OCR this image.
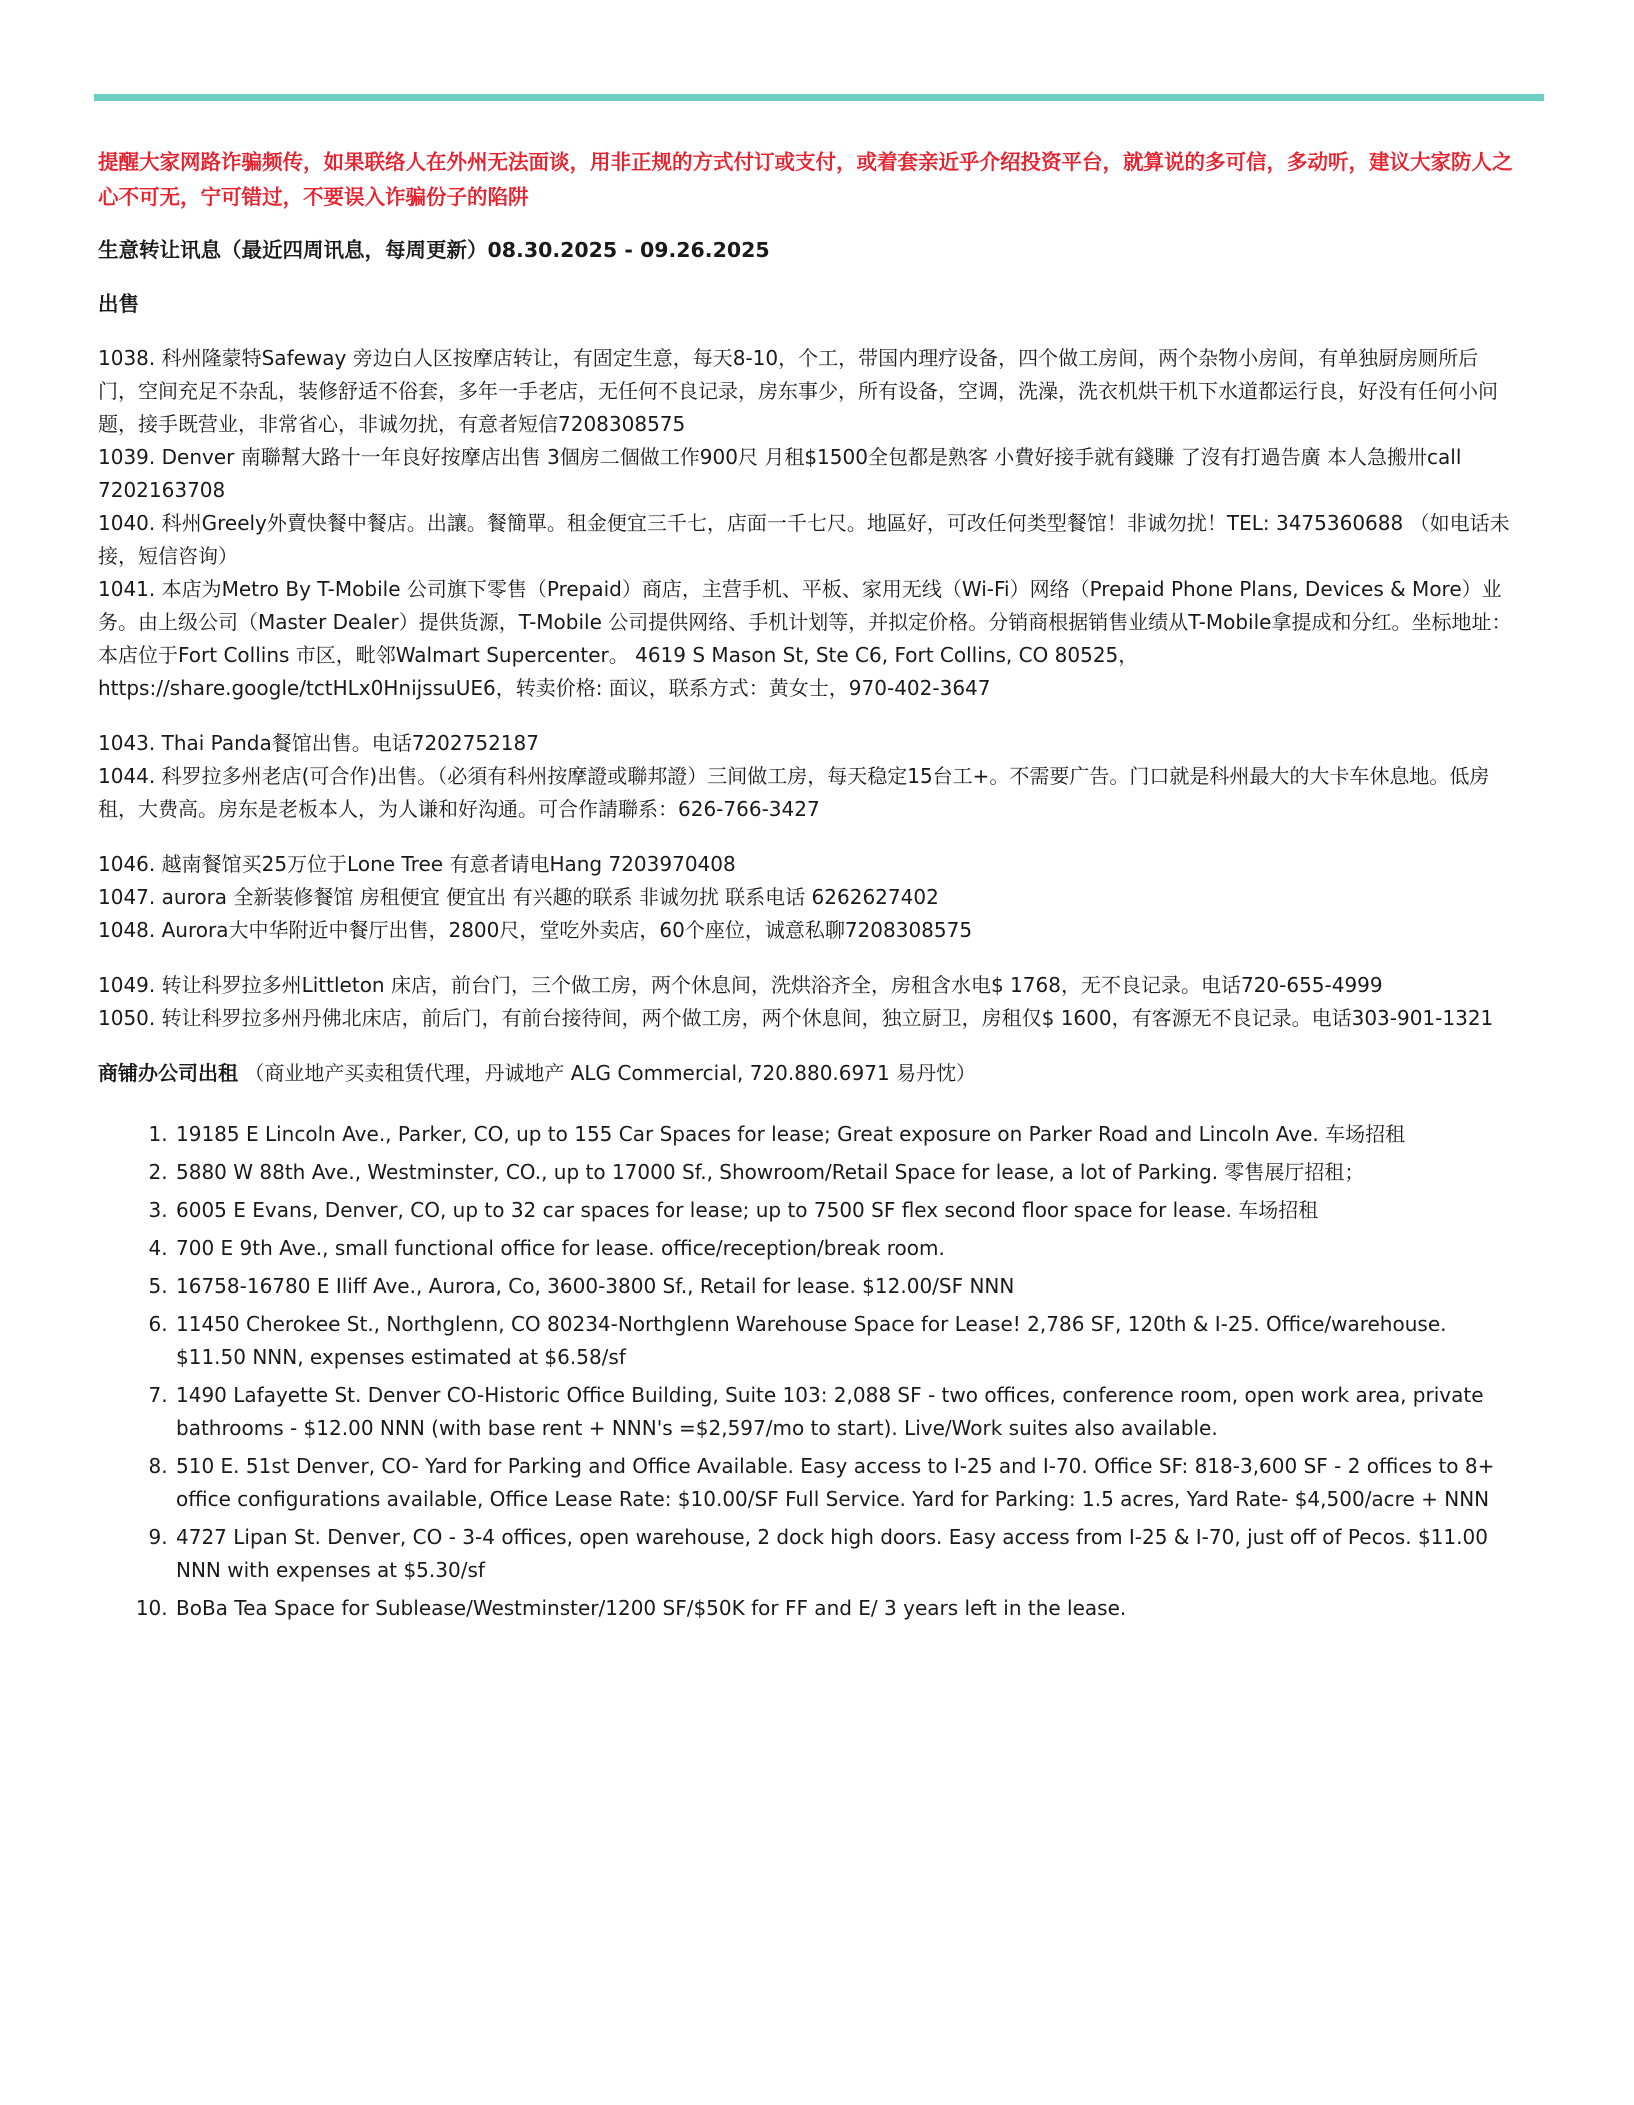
提醒大家网路诈骗频传，如果联络人在外州无法面谈，用非正规的方式付订或支付，或着套亲近乎介绍投资平台，就算说的多可信，多动听，建议大家防人之心不可无，宁可错过，不要误入诈骗份子的陷阱

生意转让讯息（最近四周讯息，每周更新）08.30.2025 - 09.26.2025

出售

1038. 科州隆蒙特Safeway 旁边白人区按摩店转让，有固定生意，每天8-10，个工，带国内理疗设备，四个做工房间，两个杂物小房间，有单独厨房厕所后门，空间充足不杂乱，装修舒适不俗套，多年一手老店，无任何不良记录，房东事少，所有设备，空调，洗澡，洗衣机烘干机下水道都运行良，好没有任何小问题，接手既营业，非常省心，非诚勿扰，有意者短信7208308575

1039. Denver 南聯幫大路十一年良好按摩店出售 3個房二個做工作900尺 月租$1500全包都是熟客 小費好接手就有錢賺 了沒有打過告廣 本人急搬卅call 7202163708

1040. 科州Greely外賣快餐中餐店。出讓。餐簡單。租金便宜三千七，店面一千七尺。地區好，可改任何类型餐馆！非诚勿扰！TEL: 3475360688 （如电话未接，短信咨询）

1041. 本店为Metro By T-Mobile 公司旗下零售（Prepaid）商店，主营手机、平板、家用无线（Wi-Fi）网络（Prepaid Phone Plans, Devices & More）业务。由上级公司（Master Dealer）提供货源，T-Mobile 公司提供网络、手机计划等，并拟定价格。分销商根据销售业绩从T-Mobile拿提成和分红。坐标地址：本店位于Fort Collins 市区，毗邻Walmart Supercenter。 4619 S Mason St, Ste C6, Fort Collins, CO 80525， https://share.google/tctHLx0HnijssuUE6，转卖价格: 面议，联系方式：黄女士，970-402-3647

1043. Thai Panda餐馆出售。电话7202752187

1044. 科罗拉多州老店(可合作)出售。（必須有科州按摩證或聯邦證）三间做工房，每天稳定15台工+。不需要广告。门口就是科州最大的大卡车休息地。低房租，大费高。房东是老板本人，为人谦和好沟通。可合作請聯系：626-766-3427

1046. 越南餐馆买25万位于Lone Tree 有意者请电Hang 7203970408

1047. aurora 全新装修餐馆 房租便宜 便宜出 有兴趣的联系 非诚勿扰 联系电话 6262627402

1048. Aurora大中华附近中餐厅出售，2800尺，堂吃外卖店，60个座位，诚意私聊7208308575

1049. 转让科罗拉多州Littleton 床店，前台门，三个做工房，两个休息间，洗烘浴齐全，房租含水电$ 1768，无不良记录。电话720-655-4999

1050. 转让科罗拉多州丹佛北床店，前后门，有前台接待间，两个做工房，两个休息间，独立厨卫，房租仅$ 1600，有客源无不良记录。电话303-901-1321

商铺办公司出租 （商业地产买卖租赁代理，丹诚地产 ALG Commercial, 720.880.6971 易丹忱）

1. 19185 E Lincoln Ave., Parker, CO, up to 155 Car Spaces for lease; Great exposure on Parker Road and Lincoln Ave. 车场招租
2. 5880 W 88th Ave., Westminster, CO., up to 17000 Sf., Showroom/Retail Space for lease, a lot of Parking. 零售展厅招租；
3. 6005 E Evans, Denver, CO, up to 32 car spaces for lease; up to 7500 SF flex second floor space for lease. 车场招租
4. 700 E 9th Ave., small functional office for lease. office/reception/break room.
5. 16758-16780 E Iliff Ave., Aurora, Co, 3600-3800 Sf., Retail for lease. $12.00/SF NNN
6. 11450 Cherokee St., Northglenn, CO 80234-Northglenn Warehouse Space for Lease! 2,786 SF, 120th & I-25. Office/warehouse. $11.50 NNN, expenses estimated at $6.58/sf
7. 1490 Lafayette St. Denver CO-Historic Office Building, Suite 103: 2,088 SF - two offices, conference room, open work area, private bathrooms - $12.00 NNN (with base rent + NNN's =$2,597/mo to start). Live/Work suites also available.
8. 510 E. 51st Denver, CO- Yard for Parking and Office Available. Easy access to I-25 and I-70. Office SF: 818-3,600 SF - 2 offices to 8+ office configurations available, Office Lease Rate: $10.00/SF Full Service. Yard for Parking: 1.5 acres, Yard Rate- $4,500/acre + NNN
9. 4727 Lipan St. Denver, CO - 3-4 offices, open warehouse, 2 dock high doors. Easy access from I-25 & I-70, just off of Pecos. $11.00 NNN with expenses at $5.30/sf
10. BoBa Tea Space for Sublease/Westminster/1200 SF/$50K for FF and E/ 3 years left in the lease.
